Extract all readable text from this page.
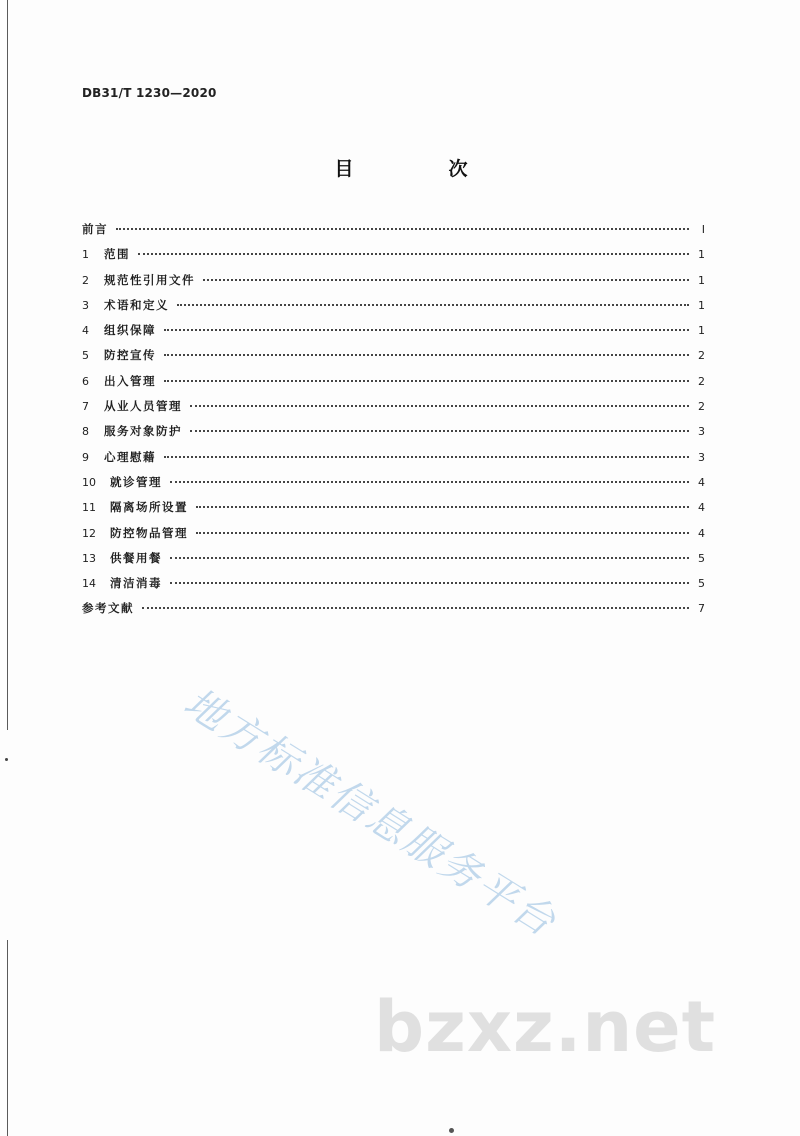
DB31/T 1230—2020
目　次
前言	I
1	范围	1
2	规范性引用文件	1
3	术语和定义	1
4	组织保障	1
5	防控宣传	2
6	出入管理	2
7	从业人员管理	2
8	服务对象防护	3
9	心理慰藉	3
10	就诊管理	4
11	隔离场所设置	4
12	防控物品管理	4
13	供餐用餐	5
14	清洁消毒	5
参考文献	7
地方标准信息服务平台
bzxz.net
